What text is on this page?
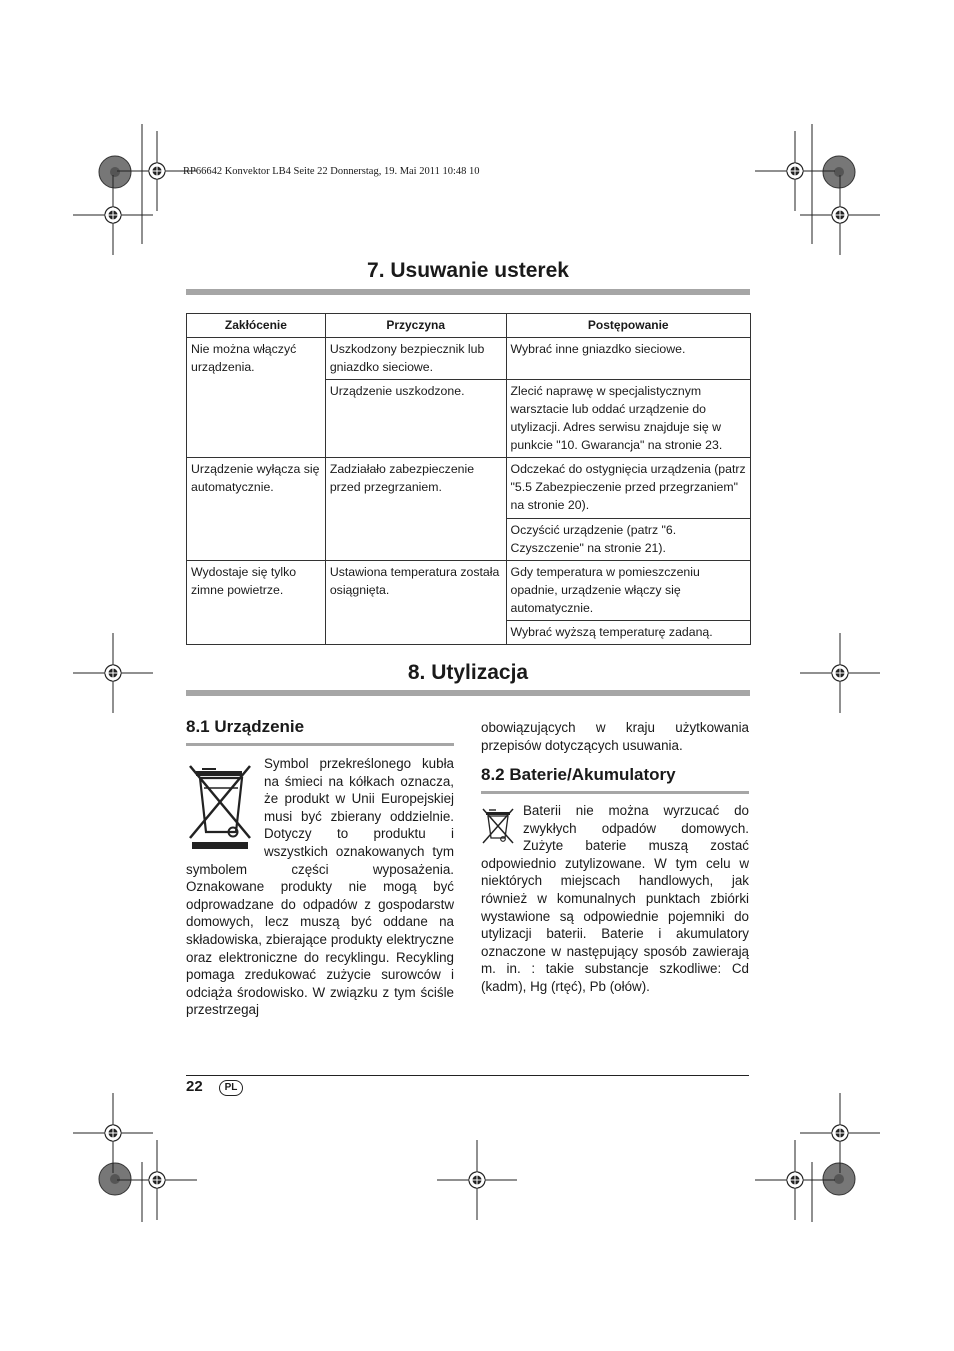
RP66642 Konvektor LB4 Seite 22 Donnerstag, 19. Mai 2011 10:48 10
7. Usuwanie usterek
Zakłócenie	Przyczyna	Postępowanie
Nie można włączyć urządzenia.	Uszkodzony bezpiecznik lub gniazdko sieciowe.	Wybrać inne gniazdko sieciowe.
	Urządzenie uszkodzone.	Zlecić naprawę w specjalistycznym warsztacie lub oddać urządzenie do utylizacji. Adres serwisu znajduje się w punkcie "10. Gwarancja" na stronie 23.
Urządzenie wyłącza się automatycznie.	Zadziałało zabezpieczenie przed przegrzaniem.	Odczekać do ostygnięcia urządzenia (patrz "5.5 Zabezpieczenie przed przegrzaniem" na stronie 20).
		Oczyścić urządzenie (patrz "6. Czyszczenie" na stronie 21).
Wydostaje się tylko zimne powietrze.	Ustawiona temperatura została osiągnięta.	Gdy temperatura w pomieszczeniu opadnie, urządzenie włączy się automatycznie.
		Wybrać wyższą temperaturę zadaną.
8. Utylizacja
8.1 Urządzenie
Symbol przekreślonego kubła na śmieci na kółkach oznacza, że produkt w Unii Europejskiej musi być zbierany oddzielnie. Dotyczy to produktu i wszystkich oznakowanych tym symbolem części wyposażenia. Oznakowane produkty nie mogą być odprowadzane do odpadów z gospodarstw domowych, lecz muszą być oddane na składowiska, zbierające produkty elektryczne oraz elektroniczne do recyklingu. Recykling pomaga zredukować zużycie surowców i odciąża środowisko. W związku z tym ściśle przestrzegaj
obowiązujących w kraju użytkowania przepisów dotyczących usuwania.
8.2 Baterie/Akumulatory
Baterii nie można wyrzucać do zwykłych odpadów domowych. Zużyte baterie muszą zostać odpowiednio zutylizowane. W tym celu w niektórych miejscach handlowych, jak również w komunalnych punktach zbiórki wystawione są odpowiednie pojemniki do utylizacji baterii. Baterie i akumulatory oznaczone w następujący sposób zawierają m. in. : takie substancje szkodliwe: Cd (kadm), Hg (rtęć), Pb (ołów).
22	PL
